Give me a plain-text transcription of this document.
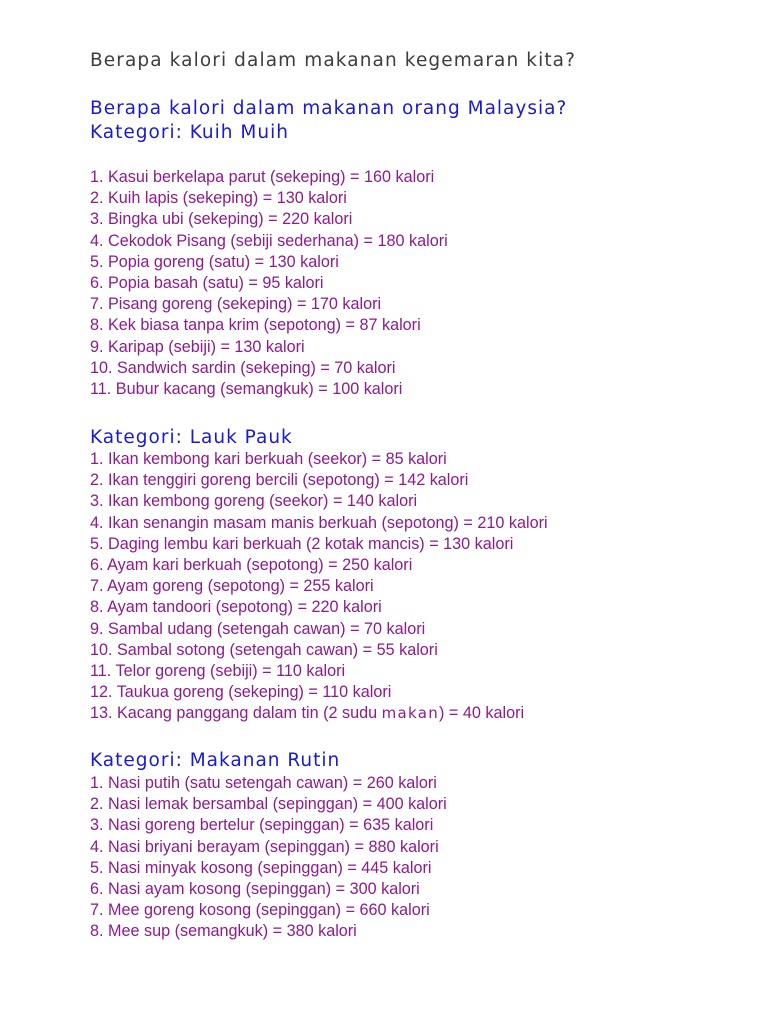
Berapa kalori dalam makanan kegemaran kita?
Berapa kalori dalam makanan orang Malaysia?
Kategori: Kuih Muih
1. Kasui berkelapa parut (sekeping) = 160 kalori
2. Kuih lapis (sekeping) = 130 kalori
3. Bingka ubi (sekeping) = 220 kalori
4. Cekodok Pisang (sebiji sederhana) = 180 kalori
5. Popia goreng (satu) = 130 kalori
6. Popia basah (satu) = 95 kalori
7. Pisang goreng (sekeping) = 170 kalori
8. Kek biasa tanpa krim (sepotong) = 87 kalori
9. Karipap (sebiji) = 130 kalori
10. Sandwich sardin (sekeping) = 70 kalori
11. Bubur kacang (semangkuk) = 100 kalori
Kategori: Lauk Pauk
1. Ikan kembong kari berkuah (seekor) = 85 kalori
2. Ikan tenggiri goreng bercili (sepotong) = 142 kalori
3. Ikan kembong goreng (seekor) = 140 kalori
4. Ikan senangin masam manis berkuah (sepotong) = 210 kalori
5. Daging lembu kari berkuah (2 kotak mancis) = 130 kalori
6. Ayam kari berkuah (sepotong) = 250 kalori
7. Ayam goreng (sepotong) = 255 kalori
8. Ayam tandoori (sepotong) = 220 kalori
9. Sambal udang (setengah cawan) = 70 kalori
10. Sambal sotong (setengah cawan) = 55 kalori
11. Telor goreng (sebiji) = 110 kalori
12. Taukua goreng (sekeping) = 110 kalori
13. Kacang panggang dalam tin (2 sudu makan) = 40 kalori
Kategori: Makanan Rutin
1. Nasi putih (satu setengah cawan) = 260 kalori
2. Nasi lemak bersambal (sepinggan) = 400 kalori
3. Nasi goreng bertelur (sepinggan) = 635 kalori
4. Nasi briyani berayam (sepinggan) = 880 kalori
5. Nasi minyak kosong (sepinggan) = 445 kalori
6. Nasi ayam kosong (sepinggan) = 300 kalori
7. Mee goreng kosong (sepinggan) = 660 kalori
8. Mee sup (semangkuk) = 380 kalori
